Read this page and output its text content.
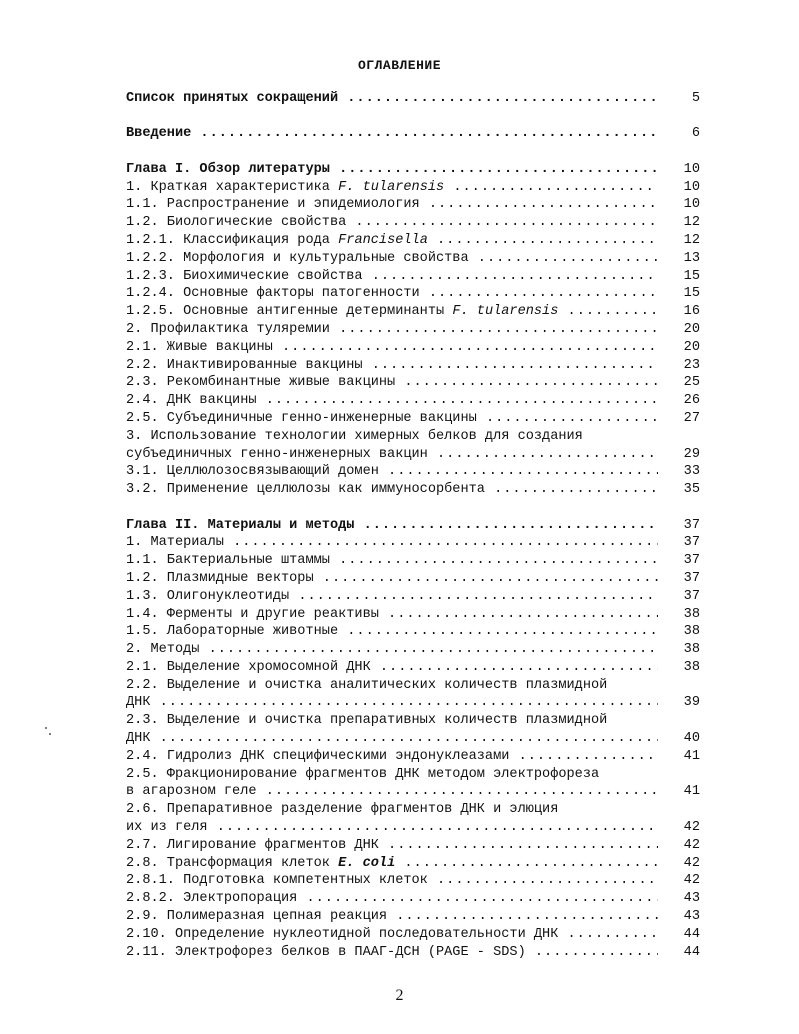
ОГЛАВЛЕНИЕ
Список принятых сокращений .....	5
Введение .....	6
Глава I. Обзор литературы .....	10
1. Краткая характеристика F. tularensis .....	10
1.1. Распространение и эпидемиология .....	10
1.2. Биологические свойства .....	12
1.2.1. Классификация рода Francisella .....	12
1.2.2. Морфология и культуральные свойства .....	13
1.2.3. Биохимические свойства .....	15
1.2.4. Основные факторы патогенности .....	15
1.2.5. Основные антигенные детерминанты F. tularensis .....	16
2. Профилактика туляремии .....	20
2.1. Живые вакцины .....	20
2.2. Инактивированные вакцины .....	23
2.3. Рекомбинантные живые вакцины .....	25
2.4. ДНК вакцины .....	26
2.5. Субъединичные генно-инженерные вакцины .....	27
3. Использование технологии химерных белков для создания
субъединичных генно-инженерных вакцин .....	29
3.1. Целлюлозосвязывающий домен .....	33
3.2. Применение целлюлозы как иммуносорбента .....	35
Глава II. Материалы и методы .....	37
1. Материалы .....	37
1.1. Бактериальные штаммы .....	37
1.2. Плазмидные векторы .....	37
1.3. Олигонуклеотиды .....	37
1.4. Ферменты и другие реактивы .....	38
1.5. Лабораторные животные .....	38
2. Методы .....	38
2.1. Выделение хромосомной ДНК .....	38
2.2. Выделение и очистка аналитических количеств плазмидной
ДНК .....	39
2.3. Выделение и очистка препаративных количеств плазмидной
ДНК .....	40
2.4. Гидролиз ДНК специфическими эндонуклеазами .....	41
2.5. Фракционирование фрагментов ДНК методом электрофореза
в агарозном геле .....	41
2.6. Препаративное разделение фрагментов ДНК и элюция
их из геля .....	42
2.7. Лигирование фрагментов ДНК .....	42
2.8. Трансформация клеток E. coli .....	42
2.8.1. Подготовка компетентных клеток .....	42
2.8.2. Электропорация .....	43
2.9. Полимеразная цепная реакция .....	43
2.10. Определение нуклеотидной последовательности ДНК .....	44
2.11. Электрофорез белков в ПААГ-ДСН (PAGE - SDS) .....	44
2
